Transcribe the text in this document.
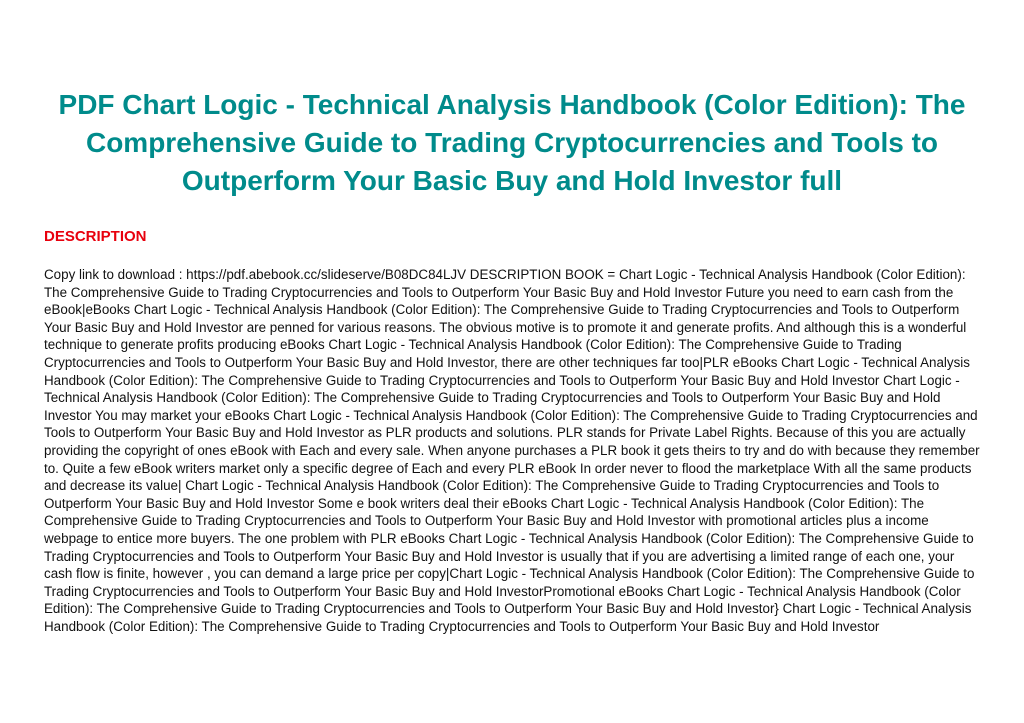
PDF Chart Logic - Technical Analysis Handbook (Color Edition): The Comprehensive Guide to Trading Cryptocurrencies and Tools to Outperform Your Basic Buy and Hold Investor full
DESCRIPTION

Copy link to download : https://pdf.abebook.cc/slideserve/B08DC84LJV DESCRIPTION BOOK = Chart Logic - Technical Analysis Handbook (Color Edition): The Comprehensive Guide to Trading Cryptocurrencies and Tools to Outperform Your Basic Buy and Hold Investor Future you need to earn cash from the eBook|eBooks Chart Logic - Technical Analysis Handbook (Color Edition): The Comprehensive Guide to Trading Cryptocurrencies and Tools to Outperform Your Basic Buy and Hold Investor are penned for various reasons. The obvious motive is to promote it and generate profits. And although this is a wonderful technique to generate profits producing eBooks Chart Logic - Technical Analysis Handbook (Color Edition): The Comprehensive Guide to Trading Cryptocurrencies and Tools to Outperform Your Basic Buy and Hold Investor, there are other techniques far too|PLR eBooks Chart Logic - Technical Analysis Handbook (Color Edition): The Comprehensive Guide to Trading Cryptocurrencies and Tools to Outperform Your Basic Buy and Hold Investor Chart Logic - Technical Analysis Handbook (Color Edition): The Comprehensive Guide to Trading Cryptocurrencies and Tools to Outperform Your Basic Buy and Hold Investor You may market your eBooks Chart Logic - Technical Analysis Handbook (Color Edition): The Comprehensive Guide to Trading Cryptocurrencies and Tools to Outperform Your Basic Buy and Hold Investor as PLR products and solutions. PLR stands for Private Label Rights. Because of this you are actually providing the copyright of ones eBook with Each and every sale. When anyone purchases a PLR book it gets theirs to try and do with because they remember to. Quite a few eBook writers market only a specific degree of Each and every PLR eBook In order never to flood the marketplace With all the same products and decrease its value| Chart Logic - Technical Analysis Handbook (Color Edition): The Comprehensive Guide to Trading Cryptocurrencies and Tools to Outperform Your Basic Buy and Hold Investor Some e book writers deal their eBooks Chart Logic - Technical Analysis Handbook (Color Edition): The Comprehensive Guide to Trading Cryptocurrencies and Tools to Outperform Your Basic Buy and Hold Investor with promotional articles plus a income webpage to entice more buyers. The one problem with PLR eBooks Chart Logic - Technical Analysis Handbook (Color Edition): The Comprehensive Guide to Trading Cryptocurrencies and Tools to Outperform Your Basic Buy and Hold Investor is usually that if you are advertising a limited range of each one, your cash flow is finite, however , you can demand a large price per copy|Chart Logic - Technical Analysis Handbook (Color Edition): The Comprehensive Guide to Trading Cryptocurrencies and Tools to Outperform Your Basic Buy and Hold InvestorPromotional eBooks Chart Logic - Technical Analysis Handbook (Color Edition): The Comprehensive Guide to Trading Cryptocurrencies and Tools to Outperform Your Basic Buy and Hold Investor} Chart Logic - Technical Analysis Handbook (Color Edition): The Comprehensive Guide to Trading Cryptocurrencies and Tools to Outperform Your Basic Buy and Hold Investor
